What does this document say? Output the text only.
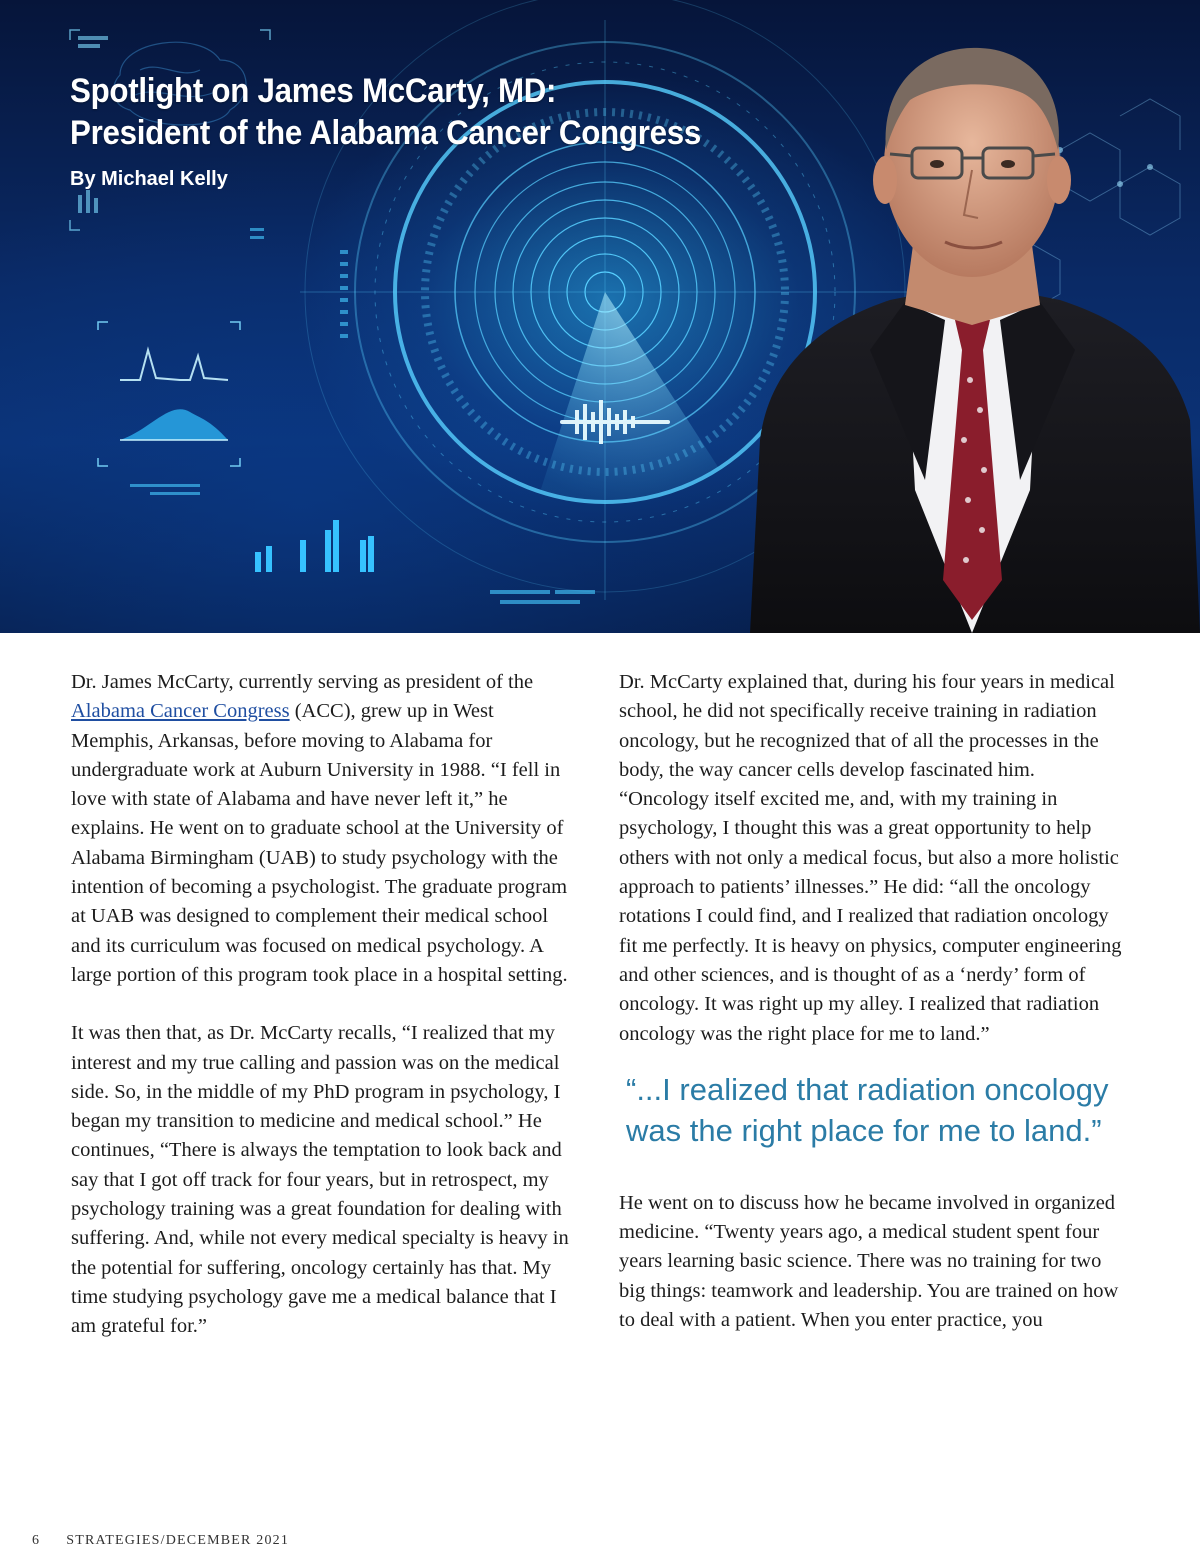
Spotlight on James McCarty, MD:
President of the Alabama Cancer Congress
By Michael Kelly

Dr. James McCarty, currently serving as president of the Alabama Cancer Congress (ACC), grew up in West Memphis, Arkansas, before moving to Alabama for undergraduate work at Auburn University in 1988. “I fell in love with state of Alabama and have never left it,” he explains. He went on to graduate school at the University of Alabama Birmingham (UAB) to study psychology with the intention of becoming a psychologist. The graduate program at UAB was designed to complement their medical school and its curriculum was focused on medical psychology. A large portion of this program took place in a hospital setting.

It was then that, as Dr. McCarty recalls, “I realized that my interest and my true calling and passion was on the medical side. So, in the middle of my PhD program in psychology, I began my transition to medicine and medical school.” He continues, “There is always the temptation to look back and say that I got off track for four years, but in retrospect, my psychology training was a great foundation for dealing with suffering. And, while not every medical specialty is heavy in the potential for suffering, oncology certainly has that. My time studying psychology gave me a medical balance that I am grateful for.”

Dr. McCarty explained that, during his four years in medical school, he did not specifically receive training in radiation oncology, but he recognized that of all the processes in the body, the way cancer cells develop fascinated him. “Oncology itself excited me, and, with my training in psychology, I thought this was a great opportunity to help others with not only a medical focus, but also a more holistic approach to patients’ illnesses.” He did: “all the oncology rotations I could find, and I realized that radiation oncology fit me perfectly. It is heavy on physics, computer engineering and other sciences, and is thought of as a ‘nerdy’ form of oncology. It was right up my alley. I realized that radiation oncology was the right place for me to land.”

“...I realized that radiation oncology was the right place for me to land.”

He went on to discuss how he became involved in organized medicine. “Twenty years ago, a medical student spent four years learning basic science. There was no training for two big things: teamwork and leadership. You are trained on how to deal with a patient. When you enter practice, you

6 STRATEGIES/DECEMBER 2021
